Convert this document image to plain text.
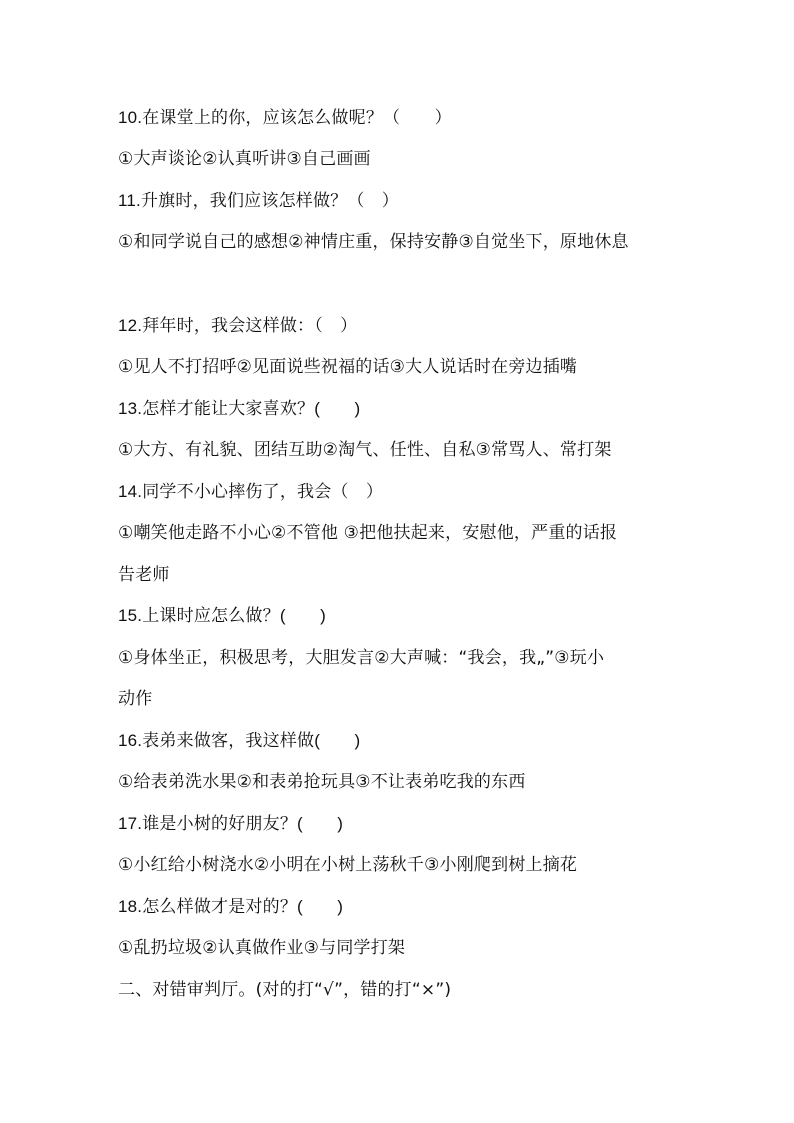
10.在课堂上的你，应该怎么做呢？（　　）
①大声谈论②认真听讲③自己画画
11.升旗时，我们应该怎样做？（　）
①和同学说自己的感想②神情庄重，保持安静③自觉坐下，原地休息
12.拜年时，我会这样做：（　）
①见人不打招呼②见面说些祝福的话③大人说话时在旁边插嘴
13.怎样才能让大家喜欢？(　　)
①大方、有礼貌、团结互助②淘气、任性、自私③常骂人、常打架
14.同学不小心摔伤了，我会（　）
①嘲笑他走路不小心②不管他 ③把他扶起来，安慰他，严重的话报
告老师
15.上课时应怎么做？(　　)
①身体坐正，积极思考，大胆发言②大声喊：“我会，我„”③玩小
动作
16.表弟来做客，我这样做(　　)
①给表弟洗水果②和表弟抢玩具③不让表弟吃我的东西
17.谁是小树的好朋友？(　　)
①小红给小树浇水②小明在小树上荡秋千③小刚爬到树上摘花
18.怎么样做才是对的？(　　)
①乱扔垃圾②认真做作业③与同学打架
二、对错审判厅。(对的打“√”，错的打“×”)
